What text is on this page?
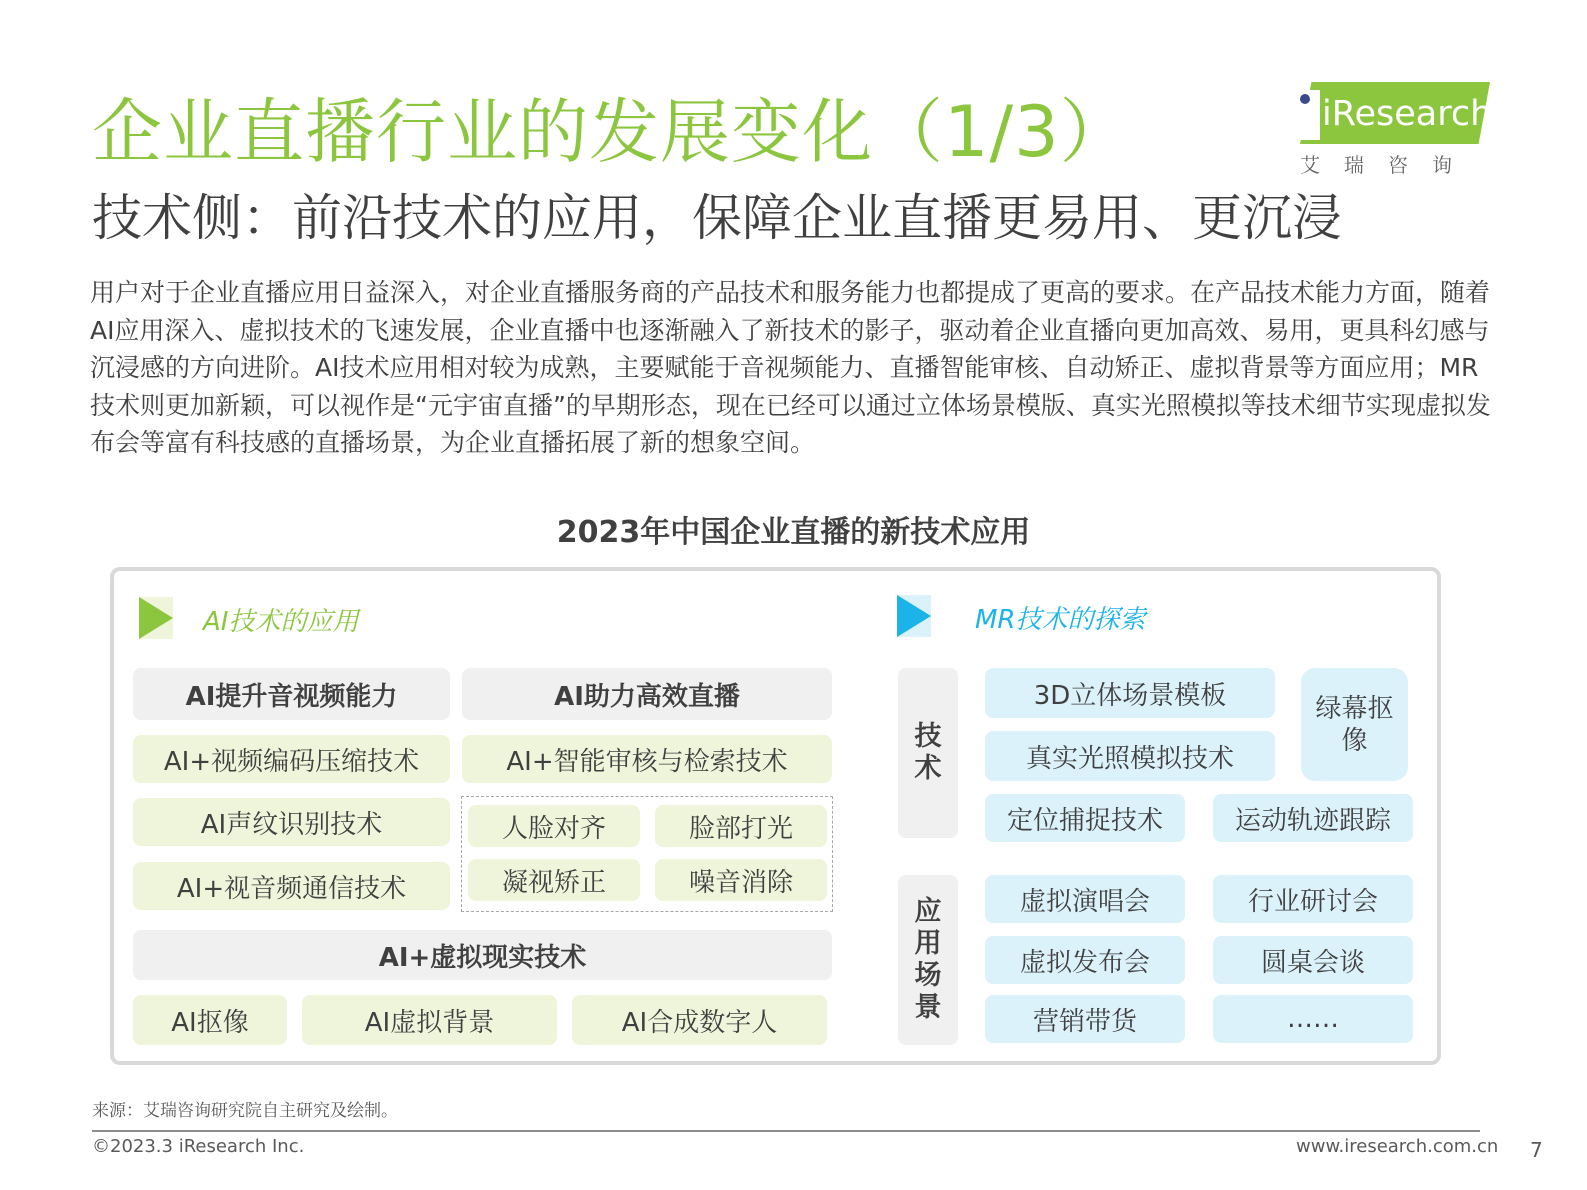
企业直播行业的发展变化（1/3）
技术侧：前沿技术的应用，保障企业直播更易用、更沉浸
iResearch
艾瑞咨询
用户对于企业直播应用日益深入，对企业直播服务商的产品技术和服务能力也都提成了更高的要求。在产品技术能力方面，随着AI应用深入、虚拟技术的飞速发展，企业直播中也逐渐融入了新技术的影子，驱动着企业直播向更加高效、易用，更具科幻感与沉浸感的方向进阶。AI技术应用相对较为成熟，主要赋能于音视频能力、直播智能审核、自动矫正、虚拟背景等方面应用；MR技术则更加新颖，可以视作是“元宇宙直播”的早期形态，现在已经可以通过立体场景模版、真实光照模拟等技术细节实现虚拟发布会等富有科技感的直播场景，为企业直播拓展了新的想象空间。
2023年中国企业直播的新技术应用
AI技术的应用
AI提升音视频能力	AI助力高效直播
AI+视频编码压缩技术
AI声纹识别技术
AI+视音频通信技术
AI+智能审核与检索技术
人脸对齐	脸部打光
凝视矫正	噪音消除
AI+虚拟现实技术
AI抠像	AI虚拟背景	AI合成数字人
MR技术的探索
技术
应用场景
3D立体场景模板
真实光照模拟技术
定位捕捉技术	运动轨迹跟踪
绿幕抠像
虚拟演唱会	行业研讨会
虚拟发布会	圆桌会谈
营销带货	……
来源：艾瑞咨询研究院自主研究及绘制。
©2023.3 iResearch Inc.	www.iresearch.com.cn 7
